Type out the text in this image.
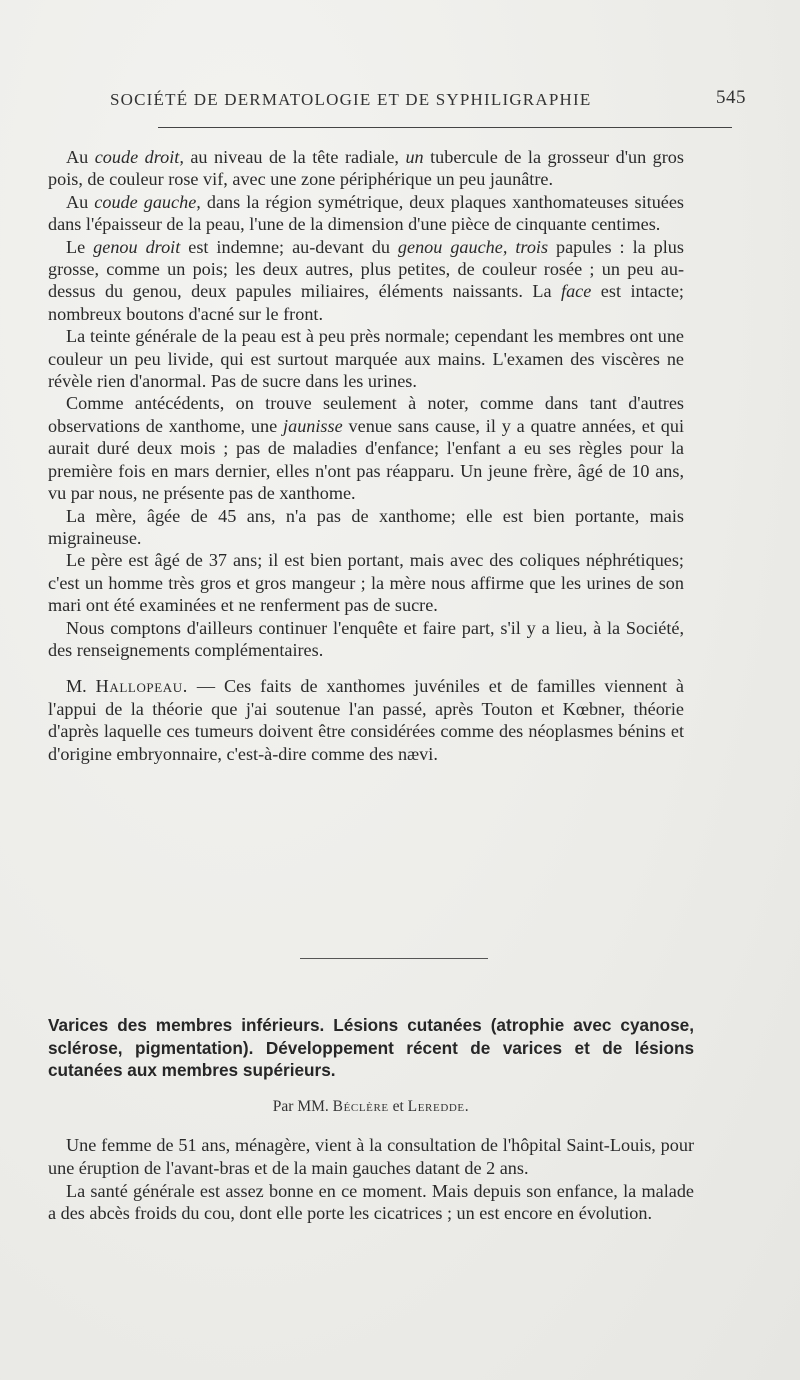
SOCIÉTÉ DE DERMATOLOGIE ET DE SYPHILIGRAPHIE	545

Au coude droit, au niveau de la tête radiale, un tubercule de la grosseur d'un gros pois, de couleur rose vif, avec une zone périphérique un peu jaunâtre.

Au coude gauche, dans la région symétrique, deux plaques xanthomateuses situées dans l'épaisseur de la peau, l'une de la dimension d'une pièce de cinquante centimes.

Le genou droit est indemne; au-devant du genou gauche, trois papules : la plus grosse, comme un pois; les deux autres, plus petites, de couleur rosée ; un peu au-dessus du genou, deux papules miliaires, éléments naissants. La face est intacte; nombreux boutons d'acné sur le front.

La teinte générale de la peau est à peu près normale; cependant les membres ont une couleur un peu livide, qui est surtout marquée aux mains. L'examen des viscères ne révèle rien d'anormal. Pas de sucre dans les urines.

Comme antécédents, on trouve seulement à noter, comme dans tant d'autres observations de xanthome, une jaunisse venue sans cause, il y a quatre années, et qui aurait duré deux mois ; pas de maladies d'enfance; l'enfant a eu ses règles pour la première fois en mars dernier, elles n'ont pas réapparu. Un jeune frère, âgé de 10 ans, vu par nous, ne présente pas de xanthome.

La mère, âgée de 45 ans, n'a pas de xanthome; elle est bien portante, mais migraineuse.

Le père est âgé de 37 ans; il est bien portant, mais avec des coliques néphrétiques; c'est un homme très gros et gros mangeur ; la mère nous affirme que les urines de son mari ont été examinées et ne renferment pas de sucre.

Nous comptons d'ailleurs continuer l'enquête et faire part, s'il y a lieu, à la Société, des renseignements complémentaires.

M. Hallopeau. — Ces faits de xanthomes juvéniles et de familles viennent à l'appui de la théorie que j'ai soutenue l'an passé, après Touton et Kœbner, théorie d'après laquelle ces tumeurs doivent être considérées comme des néoplasmes bénins et d'origine embryonnaire, c'est-à-dire comme des nævi.

Varices des membres inférieurs. Lésions cutanées (atrophie avec cyanose, sclérose, pigmentation). Développement récent de varices et de lésions cutanées aux membres supérieurs.

Par MM. Béclère et Leredde.

Une femme de 51 ans, ménagère, vient à la consultation de l'hôpital Saint-Louis, pour une éruption de l'avant-bras et de la main gauches datant de 2 ans.

La santé générale est assez bonne en ce moment. Mais depuis son enfance, la malade a des abcès froids du cou, dont elle porte les cicatrices ; un est encore en évolution.
